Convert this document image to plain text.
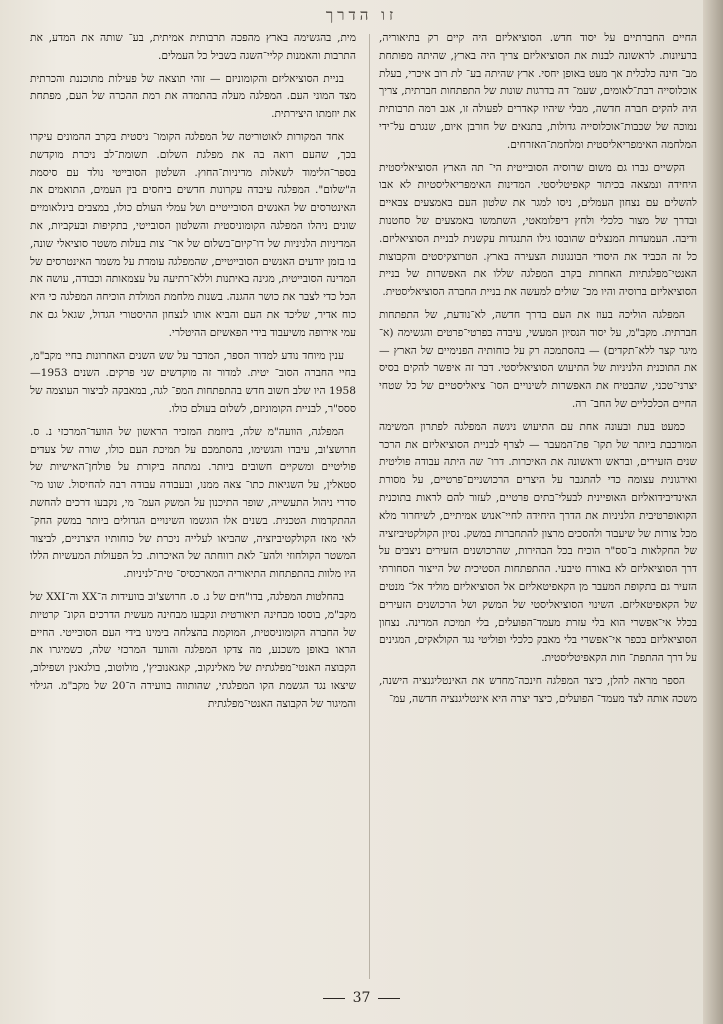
זו הדרך

החיים החברתיים על יסוד חדש. הסוציאליזם היה קיים רק בתיאוריה, ברעיונות. לראשונה לבנות את הסוציאליזם צריך היה בארץ, שהיתה מפותחת מב־ חינה כלכלית אך מעט באופן יחסי. ארץ שהיתה בע־ לת רוב איכרי, בעלת אוכלוסייה רבת־לאומים, שעמ־ דה בדרגות שונות של התפתחות חברתית, צריך היה להקים חברה חדשה, מבלי שיהיו קאדרים לפעולה זו, אגב רמה תרבותית נמוכה של שכבות־אוכלוסייה גדולות, בתנאים של חורבן איום, שנגרם על־ידי המלחמה האימפריאליסטית ומלחמת־האזרחים.

הקשיים גברו גם משום שרוסיה הסובייטית הי־ תה הארץ הסוציאליסטית היחידה ונמצאה בכיתור קאפיטליסטי. המדינות האימפריאליסטיות לא אבו להשלים עם נצחון העמלים, ניסו למגר את שלטון העם באמצעים צבאיים ובדרך של מצור כלכלי ולחץ דיפלומאטי, השתמשו באמצעים של סחטנות ודיבה. העמעדות המנצלים שהובסו גילו התנגדות עקשנית לבניית הסוציאליזם. כל זה הכביד את היסודי הבונגונות הצעירה בארץ. הטרוצקיסטים והקבוצות האנטי־מפלגתיות האחרות בקרב המפלגה שללו את האפשרות של בניית הסוציאליזם ברוסיה והיו מכ־ שולים למעשה את בניית החברה הסוציאליסטית.

המפלגה הוליכה בעוז את העם בדרך חדשה, לא־נודעת, של התפתחות חברתית. מקב"מ, על יסוד הנסיון המעשי, עיבדה בפרטי־פרטים והגשימה (א־ מיגר קצר ללא־תקדים) — בהסתמכה רק על כוחותיה הפנימיים של הארץ — את התוכנית הלניניות של התיעוש הסוציאליסטי. דבר זה איפשר להקים בסיס יצרני־טכני, שהבטיח את האפשרות לשינויים הסו־ ציאליסטיים של כל שטחי החיים הכלכליים של החב־ רה.

כמעט בעת ובעונה אחת עם התיעוש ניגשה המפלגה לפתרון המשימה המורכבת ביותר של תקו־ פת־המעבר — לצרף לבניית הסוציאליזם את הרכר שנים הזעירים, ובראש וראשונה את האיכרות. דרו־ שה היתה עבודה פוליטית ואירגונית עצומה כדי להתגבר על היצרים הרכושניים־פרטיים, על מסורת האינדיבידואליזם האופיינית לבעלי־בתים פרטיים, לעזור להם לראות בתוכנית הקואופרטיבית הלניניות את הדרך היחידה לחיי־אנוש אמיתיים, לשיחרור מלא מכל צורות של שיעבוד ולהסכים מרצון להתחברות במשק. נסיון הקולקטיביזציה של החקלאות ב־סס"ר הוכיח בכל הבהירות, שהרכושנים הזעירים ניצבים על דרך הסוציאליזם לא באורח טיבעי. ההתפתחות הסטיכית של הייצור הסחורתי הזעיר גם בתקופת המעבר מן הקאפיטאליזם אל הסוציאליזם מוליד אל־ מנטים של הקאפיטאליזם. השינוי הסוציאליסטי של המשק ושל הרכושנים הזעירים בכלל אי־אפשרי הוא בלי עזרת מעמד־הפועלים, בלי תמיכת המדינה. נצחון הסוציאליזם בכפר אי־אפשרי בלי מאבק כלכלי ופוליטי נגד הקולאקים, המגינים על דרך ההתפת־ חות הקאפיטליסטית.

הספר מראה להלן, כיצד המפלגה חינכה־מחדש את האינטליגנציה הישנה, משכה אותה לצד מעמד־ הפועלים, כיצד יצרה היא אינטליגנציה חדשה, עמ־

מית, בהגשימה בארץ מהפכה תרבותית אמיתית, בע־ שותה את המדע, את התרבות והאמנות קליי־השגה בשביל כל העמלים.

בניית הסוציאליזם והקומוניזם — זוהי תוצאה של פעילות מתוכננת והכרתית מצד המוני העם. המפלגה מעלה בהתמדה את רמת ההכרה של העם, מפתחת את יוזמתו היצירתית.

אחד המקורות לאוטוריטה של המפלגה הקומו־ ניסטית בקרב ההמונים עיקרו בכך, שהעם רואה בה את מפלגת השלום. תשומת־לב ניכרת מוקדשת בספר־הלימוד לשאלות מדיניות־החוץ. השלטון הסובייטי נולד עם סיסמת ה"שלום". המפלגה עיבדה עקרונות חדשים ביחסים בין העמים, התואמים את האינטרסים של האנשים הסובייטיים ושל עמלי העולם כולו, במצבים בינלאומיים שונים ניהלו המפלגה הקומוניסטית והשלטון הסובייטי, בתקיפות ובעקביות, את המדיניות הלניניות של דו־קיום־בשלום של אר־ צות בעלות משטר סוציאלי שונה, בו בזמן יודעים האנשים הסובייטיים, שהמפלגה עומדת על משמר האינטרסים של המדינה הסובייטית, מגינה באיתנות וללא־רתיעה על עצמאותה וכבודה, עושה את הכל כדי לצבר את כושר ההגנה. בשנות מלחמת המולדת הוכיחה המפלגה כי היא כוח אדיר, שליכד את העם והביא אותו לנצחון ההיסטורי הגדול, שגאל גם את עמי אירופה משיעבוד בידי הפאשיזם ההיטלרי.

ענין מיוחד נודע למדור הספר, המדבר על שש השנים האחרונות בחיי מקב"מ, בחיי החברה הסוב־ יטית. למדור זה מוקדשים שני פרקים. השנים 1953—1958 היו שלב חשוב חדש בהתפתחות המפ־ לגה, במאבקה לביצור העוצמה של ססס"ר, לבניית הקומוניזם, לשלום בעולם כולו.

המפלגה, הוועה"מ שלה, ביוזמת המזכיר הראשון של הוועד־המרכזי נ. ס. חרושצ'וב, עיבדו והגשימו, בהסתמכם על תמיכת העם כולו, שורה של צעדים פוליטיים ומשקיים חשובים ביותר. נמתחה ביקורת על פולחן־האישיות של סטאלין, על השגיאות כתו־ צאה ממנו, ובעבודה עבודה רבה להחיסול. שונו מי־ סדרי ניהול התעשייה, שופר התיכנון על המשק העמ־ מי, נקבעו דרכים להחשת ההתקדמות הטכנית. בשנים אלו הוגשמו השינויים הגדולים ביותר במשק החק־ לאי מאז הקולקטיביזציה, שהביאו לעלייה ניכרת של כוחותיו היצרניים, לביצור המשטר הקולחוזי ולהע־ לאת רווחתה של האיכרות. כל הפעולות המעשיות הללו היו מלוות בהתפתחות התיאוריה המארכסיס־ טית־לניניות.

בהחלטות המפלגה, בדו"חים של נ. ס. חרושצ'וב בוועידות ה־XX וה־XXI של מקב"מ, בוססו מבחינה תיאורטית ונקבעו מבחינה מעשית הדרכים הקונ־ קרטיות של החברה הקומוניסטית, המוקמת בהצלחה בימינו בידי העם הסובייטי. החיים הראו באופן משכנע, מה צדקו המפלגה והוועד המרכזי שלה, כשמיגרו את הקבוצה האנטי־מפלגתית של מאלינקוב, קאגאנוביץ', מולוטוב, בולגאנין ושפילוב, שיצאו נגד הגשמת הקו המפלגתי, שהותווה בוועידה ה־20 של מקב"מ. הגילוי והמיגור של הקבוצה האנטי־מפלגתית

37
